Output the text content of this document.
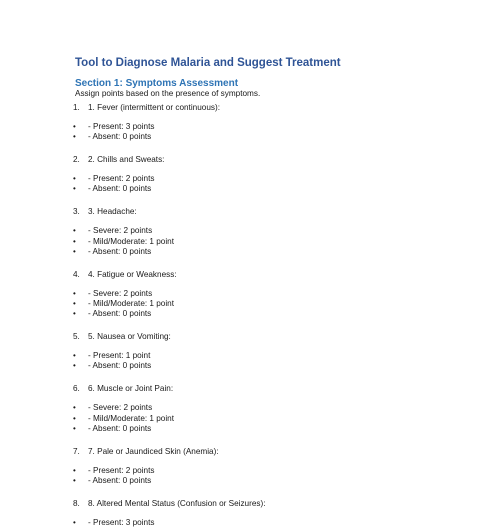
Tool to Diagnose Malaria and Suggest Treatment
Section 1: Symptoms Assessment
Assign points based on the presence of symptoms.
1. 1. Fever (intermittent or continuous):
• - Present: 3 points
• - Absent: 0 points
2. 2. Chills and Sweats:
• - Present: 2 points
• - Absent: 0 points
3. 3. Headache:
• - Severe: 2 points
• - Mild/Moderate: 1 point
• - Absent: 0 points
4. 4. Fatigue or Weakness:
• - Severe: 2 points
• - Mild/Moderate: 1 point
• - Absent: 0 points
5. 5. Nausea or Vomiting:
• - Present: 1 point
• - Absent: 0 points
6. 6. Muscle or Joint Pain:
• - Severe: 2 points
• - Mild/Moderate: 1 point
• - Absent: 0 points
7. 7. Pale or Jaundiced Skin (Anemia):
• - Present: 2 points
• - Absent: 0 points
8. 8. Altered Mental Status (Confusion or Seizures):
• - Present: 3 points
